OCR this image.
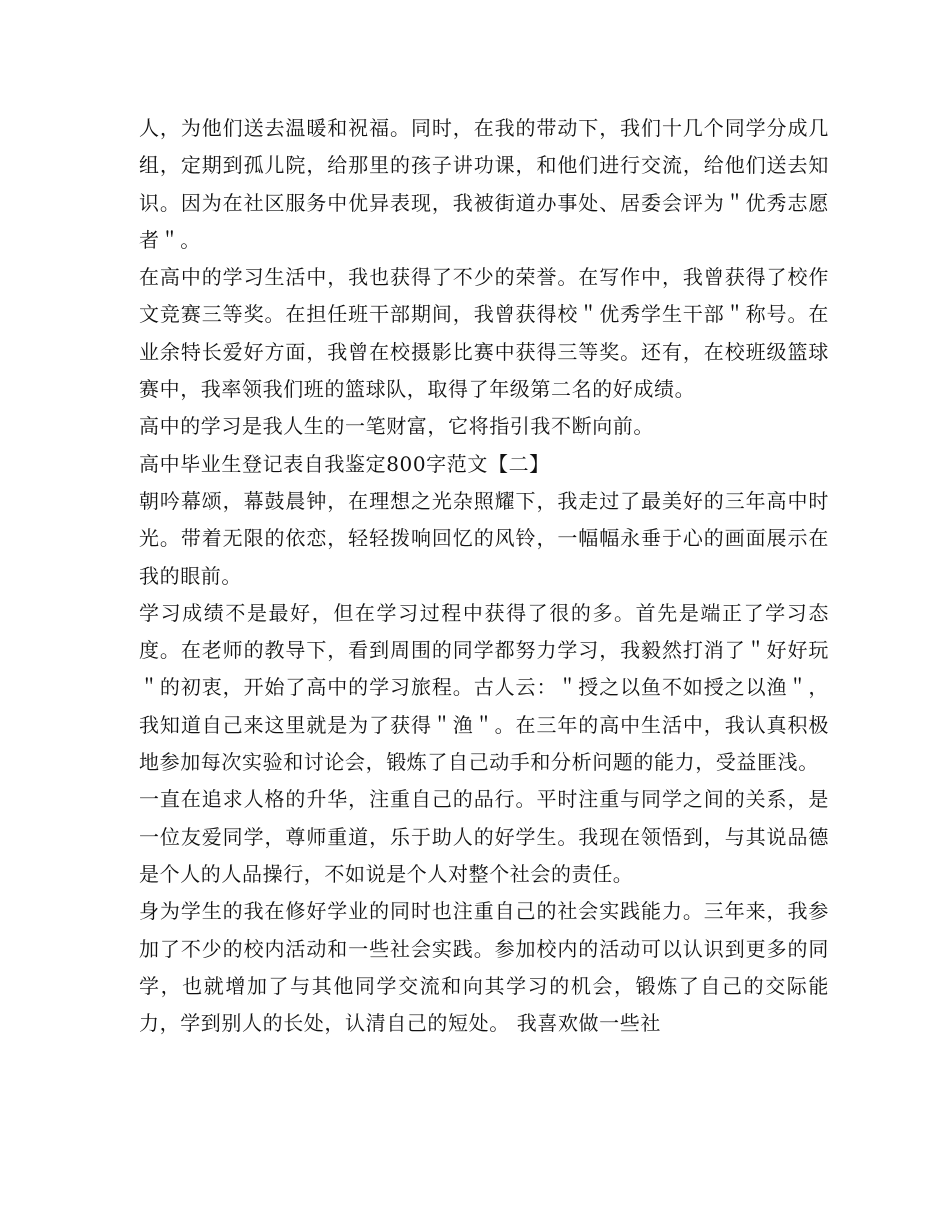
人，为他们送去温暖和祝福。同时，在我的带动下，我们十几个同学分成几组，定期到孤儿院，给那里的孩子讲功课，和他们进行交流，给他们送去知识。因为在社区服务中优异表现，我被街道办事处、居委会评为＂优秀志愿者＂。

在高中的学习生活中，我也获得了不少的荣誉。在写作中，我曾获得了校作文竞赛三等奖。在担任班干部期间，我曾获得校＂优秀学生干部＂称号。在业余特长爱好方面，我曾在校摄影比赛中获得三等奖。还有，在校班级篮球赛中，我率领我们班的篮球队，取得了年级第二名的好成绩。

高中的学习是我人生的一笔财富，它将指引我不断向前。

高中毕业生登记表自我鉴定800字范文【二】

朝吟幕颂，幕鼓晨钟，在理想之光杂照耀下，我走过了最美好的三年高中时光。带着无限的依恋，轻轻拨响回忆的风铃，一幅幅永垂于心的画面展示在我的眼前。

学习成绩不是最好，但在学习过程中获得了很的多。首先是端正了学习态度。在老师的教导下，看到周围的同学都努力学习，我毅然打消了＂好好玩＂的初衷，开始了高中的学习旅程。古人云：＂授之以鱼不如授之以渔＂，我知道自己来这里就是为了获得＂渔＂。在三年的高中生活中，我认真积极地参加每次实验和讨论会，锻炼了自己动手和分析问题的能力，受益匪浅。

一直在追求人格的升华，注重自己的品行。平时注重与同学之间的关系，是一位友爱同学，尊师重道，乐于助人的好学生。我现在领悟到，与其说品德是个人的人品操行，不如说是个人对整个社会的责任。

身为学生的我在修好学业的同时也注重自己的社会实践能力。三年来，我参加了不少的校内活动和一些社会实践。参加校内的活动可以认识到更多的同学，也就增加了与其他同学交流和向其学习的机会，锻炼了自己的交际能力，学到别人的长处，认清自己的短处。 我喜欢做一些社
